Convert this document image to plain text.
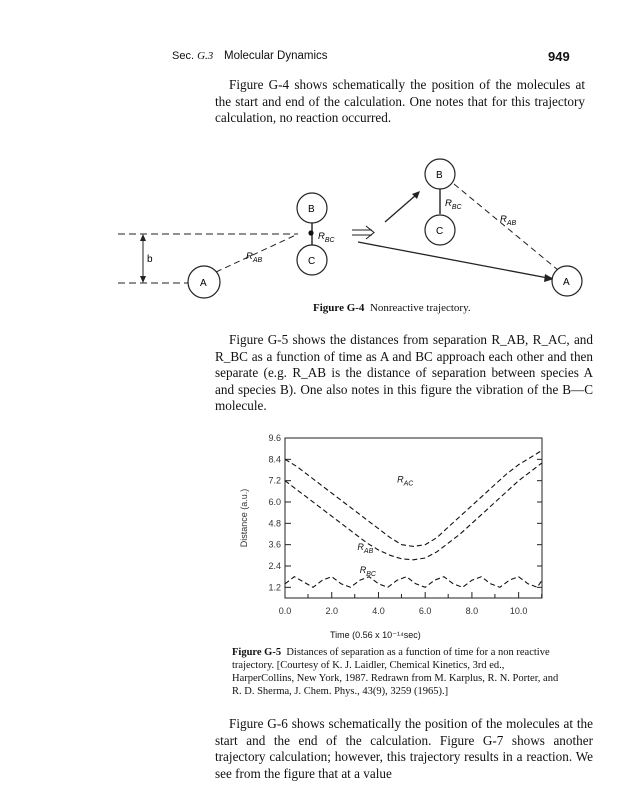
Sec. G.3 Molecular Dynamics	949

Figure G-4 shows schematically the position of the molecules at the start and end of the calculation. One notes that for this trajectory calculation, no reaction occurred.

b
A
$R_{AB}$
B
C
$R_{BC}$
B
C
$R_{BC}$
$R_{AB}$
A
Figure G-4 Nonreactive trajectory.

Figure G-5 shows the distances from separation R_AB, R_AC, and R_BC as a function of time as A and BC approach each other and then separate (e.g. R_AB is the distance of separation between species A and species B). One also notes in this figure the vibration of the B—C molecule.

1.2
2.4
3.6
4.8
6.0
7.2
8.4
9.6
0.0	2.0	4.0	6.0	8.0	10.0
Distance (a.u.)
$R_{AC}$
$R_{AB}$
$R_{BC}$
Time (0.56 x 10⁻¹⁴sec)
Figure G-5 Distances of separation as a function of time for a non reactive trajectory. [Courtesy of K. J. Laidler, Chemical Kinetics, 3rd ed., HarperCollins, New York, 1987. Redrawn from M. Karplus, R. N. Porter, and R. D. Sherma, J. Chem. Phys., 43(9), 3259 (1965).]

Figure G-6 shows schematically the position of the molecules at the start and the end of the calculation. Figure G-7 shows another trajectory calculation; however, this trajectory results in a reaction. We see from the figure that at a value
